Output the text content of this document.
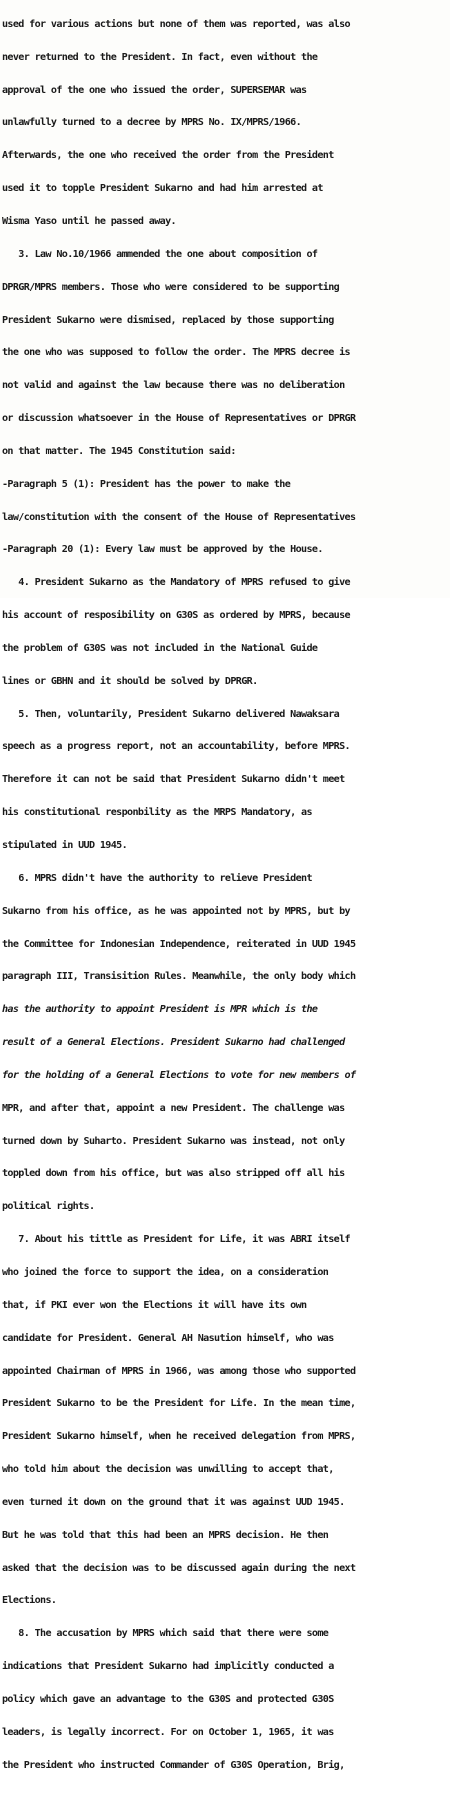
used for various actions but none of them was reported, was also

never returned to the President. In fact, even without the

approval of the one who issued the order, SUPERSEMAR was

unlawfully turned to a decree by MPRS No. IX/MPRS/1966.

Afterwards, the one who received the order from the President

used it to topple President Sukarno and had him arrested at

Wisma Yaso until he passed away.

3. Law No.10/1966 ammended the one about composition of

DPRGR/MPRS members. Those who were considered to be supporting

President Sukarno were dismised, replaced by those supporting

the one who was supposed to follow the order. The MPRS decree is

not valid and against the law because there was no deliberation

or discussion whatsoever in the House of Representatives or DPRGR

on that matter. The 1945 Constitution said:

-Paragraph 5 (1): President has the power to make the

law/constitution with the consent of the House of Representatives

-Paragraph 20 (1): Every law must be approved by the House.

4. President Sukarno as the Mandatory of MPRS refused to give

his account of resposibility on G30S as ordered by MPRS, because

the problem of G30S was not included in the National Guide

lines or GBHN and it should be solved by DPRGR.

5. Then, voluntarily, President Sukarno delivered Nawaksara

speech as a progress report, not an accountability, before MPRS.

Therefore it can not be said that President Sukarno didn't meet

his constitutional responbility as the MRPS Mandatory, as

stipulated in UUD 1945.

6. MPRS didn't have the authority to relieve President

Sukarno from his office, as he was appointed not by MPRS, but by

the Committee for Indonesian Independence, reiterated in UUD 1945

paragraph III, Transisition Rules. Meanwhile, the only body which

has the authority to appoint President is MPR which is the

result of a General Elections. President Sukarno had challenged

for the holding of a General Elections to vote for new members of

MPR, and after that, appoint a new President. The challenge was

turned down by Suharto. President Sukarno was instead, not only

toppled down from his office, but was also stripped off all his

political rights.

7. About his tittle as President for Life, it was ABRI itself

who joined the force to support the idea, on a consideration

that, if PKI ever won the Elections it will have its own

candidate for President. General AH Nasution himself, who was

appointed Chairman of MPRS in 1966, was among those who supported

President Sukarno to be the President for Life. In the mean time,

President Sukarno himself, when he received delegation from MPRS,

who told him about the decision was unwilling to accept that,

even turned it down on the ground that it was against UUD 1945.

But he was told that this had been an MPRS decision. He then

asked that the decision was to be discussed again during the next

Elections.

8. The accusation by MPRS which said that there were some

indications that President Sukarno had implicitly conducted a

policy which gave an advantage to the G30S and protected G30S

leaders, is legally incorrect. For on October 1, 1965, it was

the President who instructed Commander of G30S Operation, Brig,
